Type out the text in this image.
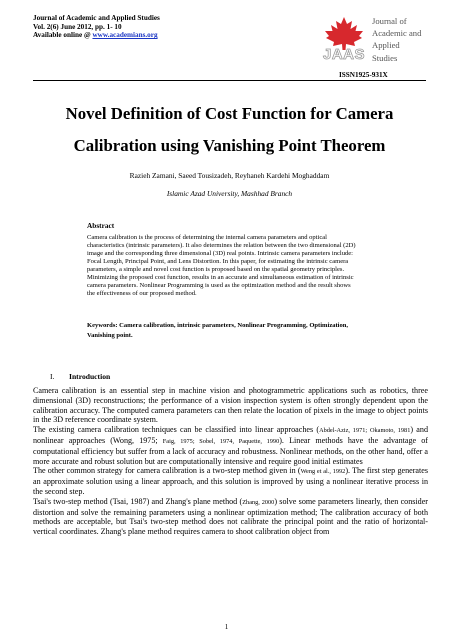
Journal of Academic and Applied Studies
Vol. 2(6) June 2012, pp. 1- 10
Available online @ www.academians.org
JAAS
Journal of
Academic and
Applied Studies
ISSN1925-931X
Novel Definition of Cost Function for Camera
Calibration using Vanishing Point Theorem
Razieh Zamani, Saeed Tousizadeh, Reyhaneh Kardehi Moghaddam
Islamic Azad University, Mashhad Branch
Abstract
Camera calibration is the process of determining the internal camera parameters and optical
characteristics (intrinsic parameters). It also determines the relation between the two dimensional (2D)
image and the corresponding three dimensional (3D) real points. Intrinsic camera parameters include:
Focal Length, Principal Point, and Lens Distortion. In this paper, for estimating the intrinsic camera
parameters, a simple and novel cost function is proposed based on the spatial geometry principles.
Minimizing the proposed cost function, results in an accurate and simultaneous estimation of intrinsic
camera parameters. Nonlinear Programming is used as the optimization method and the result shows
the effectiveness of our proposed method.
Keywords: Camera calibration, intrinsic parameters, Nonlinear Programming, Optimization,
Vanishing point.
I. Introduction

Camera calibration is an essential step in machine vision and photogrammetric applications such as robotics, three dimensional (3D) reconstructions; the performance of a vision inspection system is often strongly dependent upon the calibration accuracy. The computed camera parameters can then relate the location of pixels in the image to object points in the 3D reference coordinate system.

The existing camera calibration techniques can be classified into linear approaches (Abdel-Aziz, 1971; Okamoto, 1981) and nonlinear approaches (Wong, 1975; Faig, 1975; Sobel, 1974, Paquette, 1990). Linear methods have the advantage of computational efficiency but suffer from a lack of accuracy and robustness. Nonlinear methods, on the other hand, offer a more accurate and robust solution but are computationally intensive and require good initial estimates

The other common strategy for camera calibration is a two-step method given in (Weng et al., 1992). The first step generates an approximate solution using a linear approach, and this solution is improved by using a nonlinear iterative process in the second step.

Tsai's two-step method (Tsai, 1987) and Zhang's plane method (Zhang, 2000) solve some parameters linearly, then consider distortion and solve the remaining parameters using a nonlinear optimization method; The calibration accuracy of both methods are acceptable, but Tsai's two-step method does not calibrate the principal point and the ratio of horizontal-vertical coordinates. Zhang's plane method requires camera to shoot calibration object from

1
